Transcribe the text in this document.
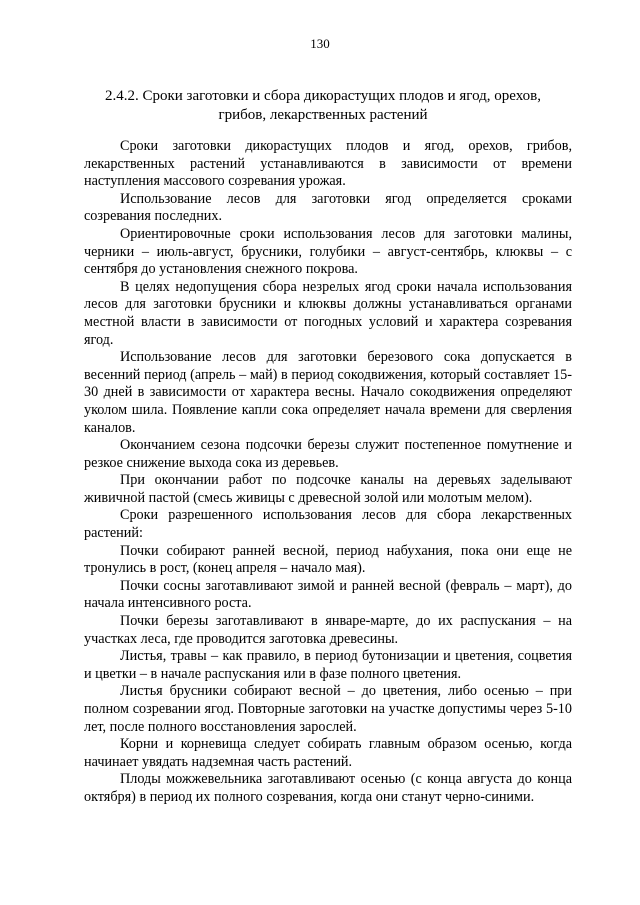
130
2.4.2. Сроки заготовки и сбора дикорастущих плодов и ягод, орехов, грибов, лекарственных растений

Сроки заготовки дикорастущих плодов и ягод, орехов, грибов, лекарственных растений устанавливаются в зависимости от времени наступления массового созревания урожая.

Использование лесов для заготовки ягод определяется сроками созревания последних.

Ориентировочные сроки использования лесов для заготовки малины, черники – июль-август, брусники, голубики – август-сентябрь, клюквы – с сентября до установления снежного покрова.

В целях недопущения сбора незрелых ягод сроки начала использования лесов для заготовки брусники и клюквы должны устанавливаться органами местной власти в зависимости от погодных условий и характера созревания ягод.

Использование лесов для заготовки березового сока допускается в весенний период (апрель – май) в период сокодвижения, который составляет 15-30 дней в зависимости от характера весны. Начало сокодвижения определяют уколом шила. Появление капли сока определяет начала времени для сверления каналов.

Окончанием сезона подсочки березы служит постепенное помутнение и резкое снижение выхода сока из деревьев.

При окончании работ по подсочке каналы на деревьях заделывают живичной пастой (смесь живицы с древесной золой или молотым мелом).

Сроки разрешенного использования лесов для сбора лекарственных растений:

Почки собирают ранней весной, период набухания, пока они еще не тронулись в рост, (конец апреля – начало мая).

Почки сосны заготавливают зимой и ранней весной (февраль – март), до начала интенсивного роста.

Почки березы заготавливают в январе-марте, до их распускания – на участках леса, где проводится заготовка древесины.

Листья, травы – как правило, в период бутонизации и цветения, соцветия и цветки – в начале распускания или в фазе полного цветения.

Листья брусники собирают весной – до цветения, либо осенью – при полном созревании ягод. Повторные заготовки на участке допустимы через 5-10 лет, после полного восстановления зарослей.

Корни и корневища следует собирать главным образом осенью, когда начинает увядать надземная часть растений.

Плоды можжевельника заготавливают осенью (с конца августа до конца октября) в период их полного созревания, когда они станут черно-синими.
